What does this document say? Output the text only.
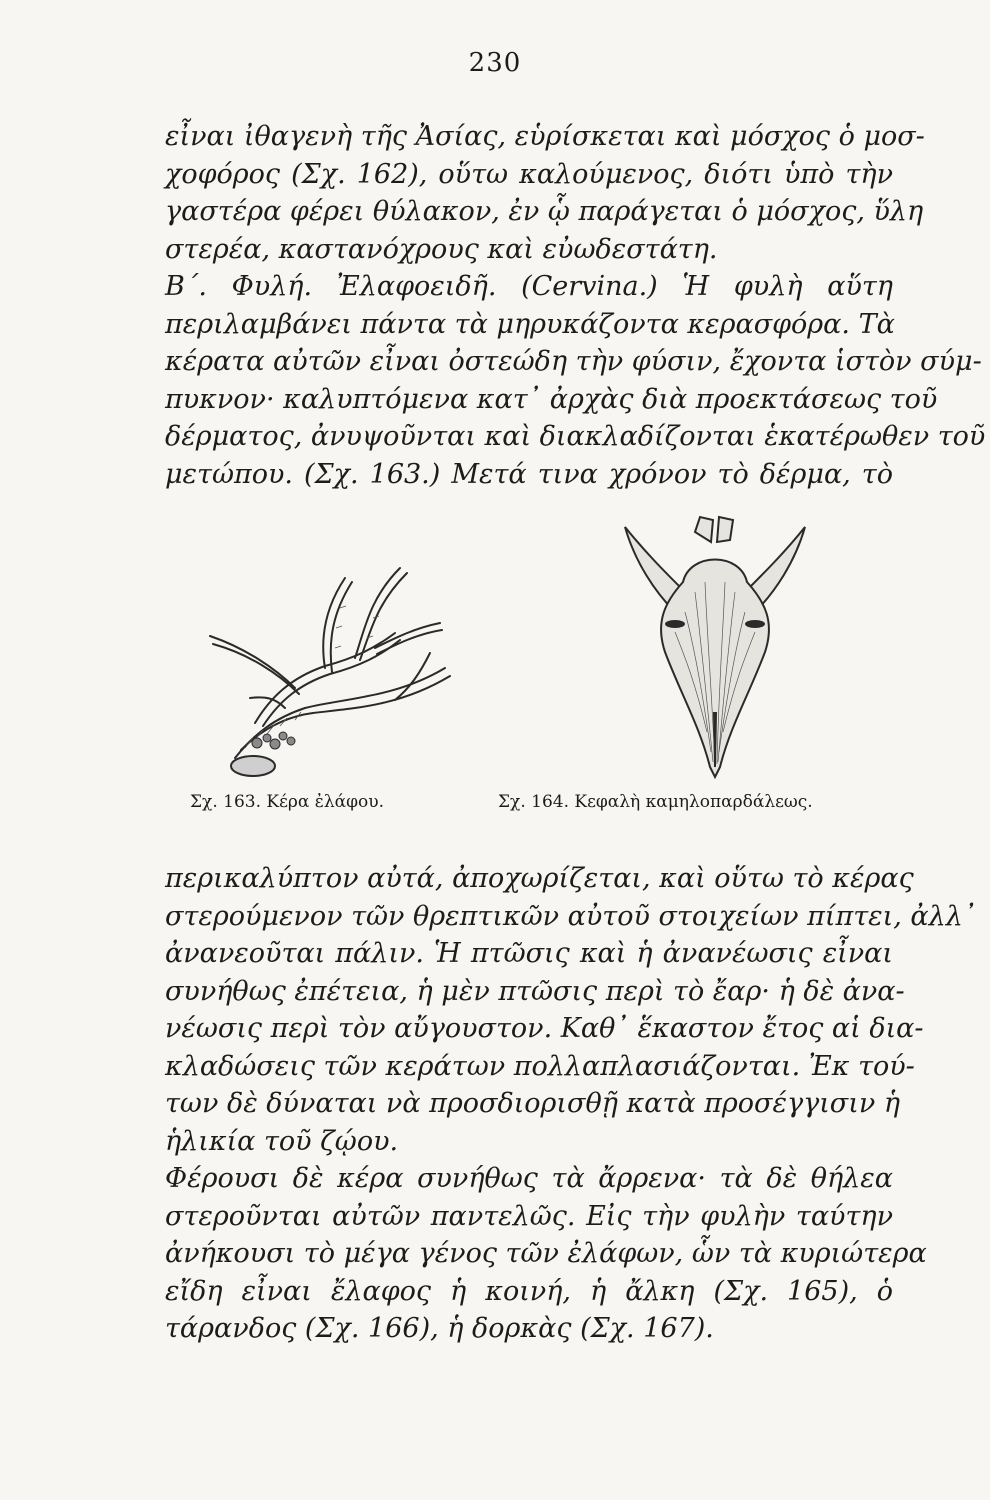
230
εἶναι ἰθαγενὴ τῆς Ἀσίας, εὑρίσκεται καὶ μόσχος ὁ μοσ-
χοφόρος (Σχ. 162), οὕτω καλούμενος, διότι ὑπὸ τὴν
γαστέρα φέρει θύλακον, ἐν ᾧ παράγεται ὁ μόσχος, ὕλη
στερέα, καστανόχρους καὶ εὐωδεστάτη.
Β΄. Φυλή. Ἐλαφοειδῆ. (Cervina.) Ἡ φυλὴ αὕτη
περιλαμβάνει πάντα τὰ μηρυκάζοντα κερασφόρα. Τὰ
κέρατα αὐτῶν εἶναι ὀστεώδη τὴν φύσιν, ἔχοντα ἱστὸν σύμ-
πυκνον· καλυπτόμενα κατ᾽ ἀρχὰς διὰ προεκτάσεως τοῦ
δέρματος, ἀνυψοῦνται καὶ διακλαδίζονται ἑκατέρωθεν τοῦ
μετώπου. (Σχ. 163.) Μετά τινα χρόνον τὸ δέρμα, τὸ
Σχ. 163. Κέρα ἐλάφου.	Σχ. 164. Κεφαλὴ καμηλοπαρδάλεως.
περικαλύπτον αὐτά, ἀποχωρίζεται, καὶ οὕτω τὸ κέρας
στερούμενον τῶν θρεπτικῶν αὐτοῦ στοιχείων πίπτει, ἀλλ᾽
ἀνανεοῦται πάλιν. Ἡ πτῶσις καὶ ἡ ἀνανέωσις εἶναι
συνήθως ἐπέτεια, ἡ μὲν πτῶσις περὶ τὸ ἔαρ· ἡ δὲ ἀνα-
νέωσις περὶ τὸν αὔγουστον. Καθ᾽ ἕκαστον ἔτος αἱ δια-
κλαδώσεις τῶν κεράτων πολλαπλασιάζονται. Ἐκ τού-
των δὲ δύναται νὰ προσδιορισθῇ κατὰ προσέγγισιν ἡ
ἡλικία τοῦ ζῴου.
Φέρουσι δὲ κέρα συνήθως τὰ ἄρρενα· τὰ δὲ θήλεα
στεροῦνται αὐτῶν παντελῶς. Εἰς τὴν φυλὴν ταύτην
ἀνήκουσι τὸ μέγα γένος τῶν ἐλάφων, ὧν τὰ κυριώτερα
εἴδη εἶναι ἔλαφος ἡ κοινή, ἡ ἄλκη (Σχ. 165), ὁ
τάρανδος (Σχ. 166), ἡ δορκὰς (Σχ. 167).
